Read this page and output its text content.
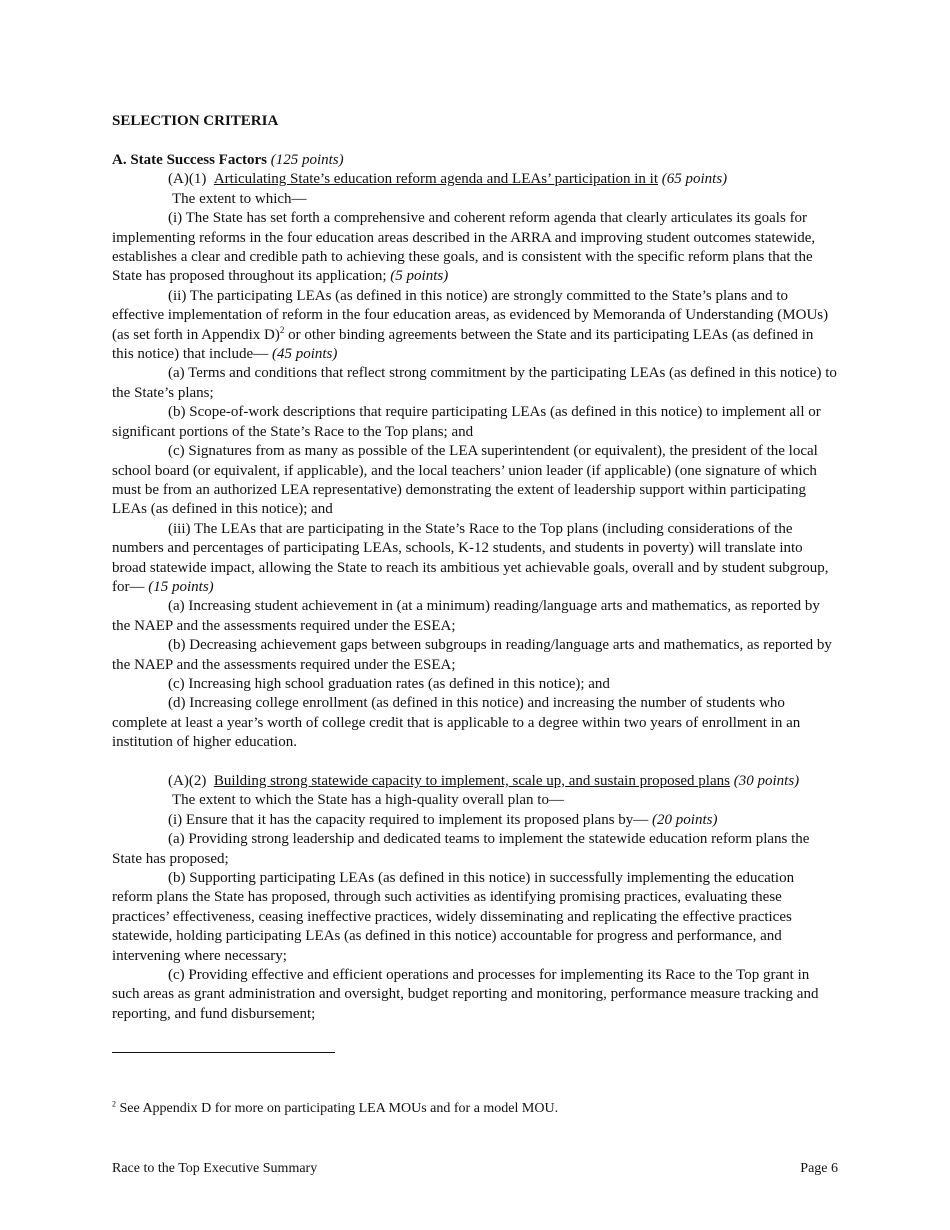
SELECTION CRITERIA

A. State Success Factors (125 points)

(A)(1) Articulating State’s education reform agenda and LEAs’ participation in it (65 points)

The extent to which—

(i) The State has set forth a comprehensive and coherent reform agenda that clearly articulates its goals for implementing reforms in the four education areas described in the ARRA and improving student outcomes statewide, establishes a clear and credible path to achieving these goals, and is consistent with the specific reform plans that the State has proposed throughout its application; (5 points)

(ii) The participating LEAs (as defined in this notice) are strongly committed to the State’s plans and to effective implementation of reform in the four education areas, as evidenced by Memoranda of Understanding (MOUs) (as set forth in Appendix D)$^2$ or other binding agreements between the State and its participating LEAs (as defined in this notice) that include— (45 points)

(a) Terms and conditions that reflect strong commitment by the participating LEAs (as defined in this notice) to the State’s plans;

(b) Scope-of-work descriptions that require participating LEAs (as defined in this notice) to implement all or significant portions of the State’s Race to the Top plans; and

(c) Signatures from as many as possible of the LEA superintendent (or equivalent), the president of the local school board (or equivalent, if applicable), and the local teachers’ union leader (if applicable) (one signature of which must be from an authorized LEA representative) demonstrating the extent of leadership support within participating LEAs (as defined in this notice); and

(iii) The LEAs that are participating in the State’s Race to the Top plans (including considerations of the numbers and percentages of participating LEAs, schools, K-12 students, and students in poverty) will translate into broad statewide impact, allowing the State to reach its ambitious yet achievable goals, overall and by student subgroup, for— (15 points)

(a) Increasing student achievement in (at a minimum) reading/language arts and mathematics, as reported by the NAEP and the assessments required under the ESEA;

(b) Decreasing achievement gaps between subgroups in reading/language arts and mathematics, as reported by the NAEP and the assessments required under the ESEA;

(c) Increasing high school graduation rates (as defined in this notice); and

(d) Increasing college enrollment (as defined in this notice) and increasing the number of students who complete at least a year’s worth of college credit that is applicable to a degree within two years of enrollment in an institution of higher education.

(A)(2) Building strong statewide capacity to implement, scale up, and sustain proposed plans (30 points)

The extent to which the State has a high-quality overall plan to—

(i) Ensure that it has the capacity required to implement its proposed plans by— (20 points)

(a) Providing strong leadership and dedicated teams to implement the statewide education reform plans the State has proposed;

(b) Supporting participating LEAs (as defined in this notice) in successfully implementing the education reform plans the State has proposed, through such activities as identifying promising practices, evaluating these practices’ effectiveness, ceasing ineffective practices, widely disseminating and replicating the effective practices statewide, holding participating LEAs (as defined in this notice) accountable for progress and performance, and intervening where necessary;

(c) Providing effective and efficient operations and processes for implementing its Race to the Top grant in such areas as grant administration and oversight, budget reporting and monitoring, performance measure tracking and reporting, and fund disbursement;

$^2$ See Appendix D for more on participating LEA MOUs and for a model MOU.
Race to the Top Executive Summary	Page 6
